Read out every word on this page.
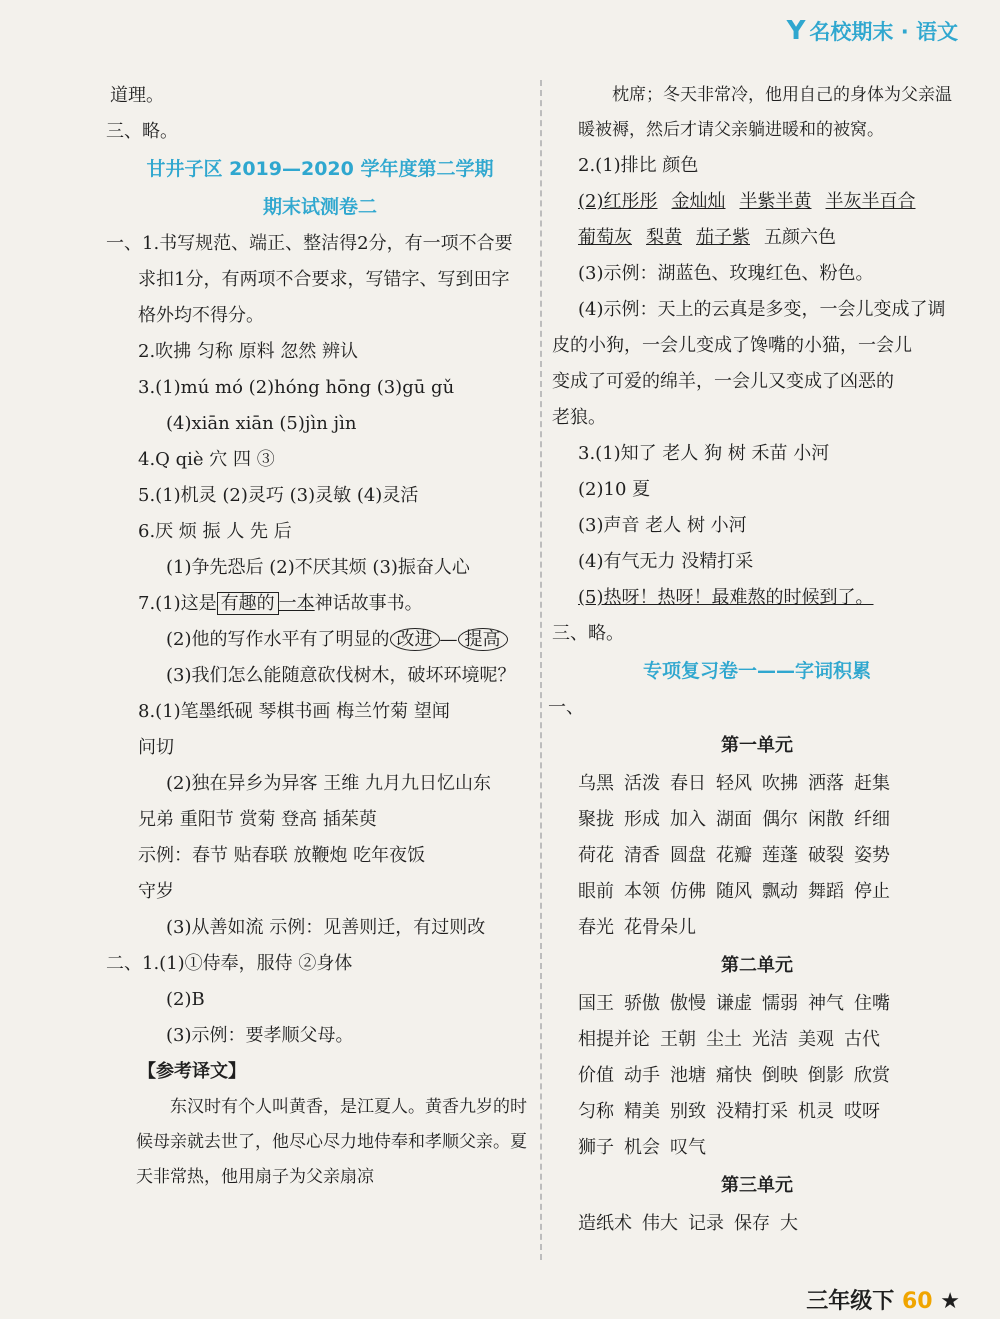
Y 名校期末 · 语文
道理。
三、略。
甘井子区 2019—2020 学年度第二学期
期末试测卷二
一、1.书写规范、端正、整洁得2分，有一项不合要
求扣1分，有两项不合要求，写错字、写到田字
格外均不得分。
2.吹拂 匀称 原料 忽然 辨认
3.(1)mú mó (2)hóng hōng (3)gū gǔ
(4)xiān xiān (5)jìn jìn
4.Q qiè 穴 四 ③
5.(1)机灵 (2)灵巧 (3)灵敏 (4)灵活
6.厌 烦 振 人 先 后
(1)争先恐后 (2)不厌其烦 (3)振奋人心
7.(1)这是 有趣的 一本神话故事书。
(2)他的写作水平有了明显的 改进 — 提高
(3)我们怎么能随意砍伐树木，破坏环境呢？
8.(1)笔墨纸砚 琴棋书画 梅兰竹菊 望闻
问切
(2)独在异乡为异客 王维 九月九日忆山东
兄弟 重阳节 赏菊 登高 插茱萸
示例：春节 贴春联 放鞭炮 吃年夜饭
守岁
(3)从善如流 示例：见善则迁，有过则改
二、1.(1)①侍奉，服侍 ②身体
(2)B
(3)示例：要孝顺父母。
【参考译文】
东汉时有个人叫黄香，是江夏人。黄香九岁的时候母亲就去世了，他尽心尽力地侍奉和孝顺父亲。夏天非常热，他用扇子为父亲扇凉
枕席；冬天非常冷，他用自己的身体为父亲温暖被褥，然后才请父亲躺进暖和的被窝。
2.(1)排比 颜色
(2)红彤彤 金灿灿 半紫半黄 半灰半百合
葡萄灰 梨黄 茄子紫 五颜六色
(3)示例：湖蓝色、玫瑰红色、粉色。
(4)示例：天上的云真是多变，一会儿变成了调
皮的小狗，一会儿变成了馋嘴的小猫，一会儿
变成了可爱的绵羊，一会儿又变成了凶恶的
老狼。
3.(1)知了 老人 狗 树 禾苗 小河
(2)10 夏
(3)声音 老人 树 小河
(4)有气无力 没精打采
(5)热呀！热呀！最难熬的时候到了。
三、略。
专项复习卷一——字词积累
一、
第一单元
乌黑 活泼 春日 轻风 吹拂 洒落 赶集
聚拢 形成 加入 湖面 偶尔 闲散 纤细
荷花 清香 圆盘 花瓣 莲蓬 破裂 姿势
眼前 本领 仿佛 随风 飘动 舞蹈 停止
春光 花骨朵儿
第二单元
国王 骄傲 傲慢 谦虚 懦弱 神气 住嘴
相提并论 王朝 尘土 光洁 美观 古代
价值 动手 池塘 痛快 倒映 倒影 欣赏
匀称 精美 别致 没精打采 机灵 哎呀
狮子 机会 叹气
第三单元
造纸术 伟大 记录 保存 大
三年级下 60 ★
